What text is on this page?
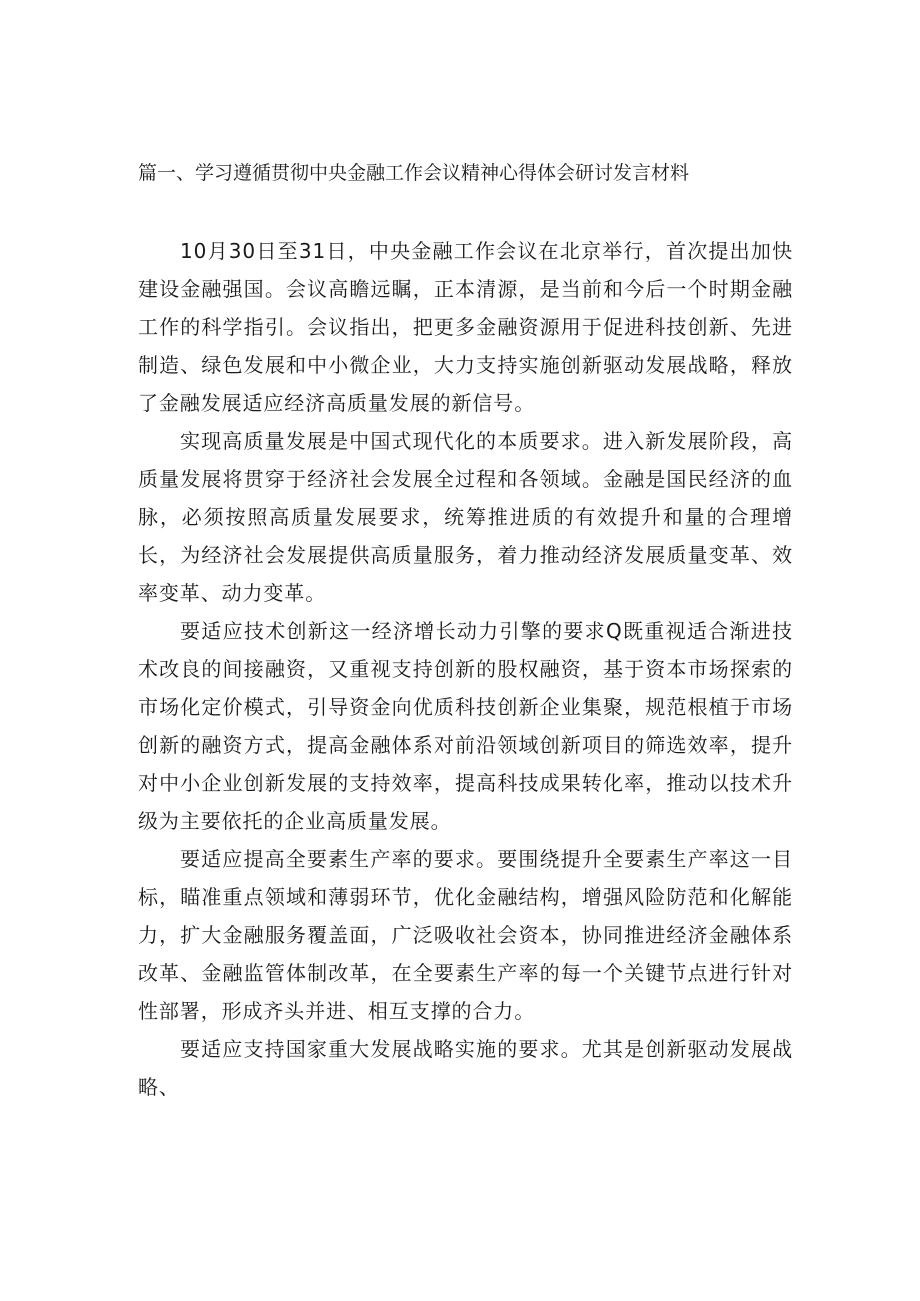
篇一、学习遵循贯彻中央金融工作会议精神心得体会研讨发言材料

10月30日至31日，中央金融工作会议在北京举行，首次提出加快建设金融强国。会议高瞻远瞩，正本清源，是当前和今后一个时期金融工作的科学指引。会议指出，把更多金融资源用于促进科技创新、先进制造、绿色发展和中小微企业，大力支持实施创新驱动发展战略，释放了金融发展适应经济高质量发展的新信号。

实现高质量发展是中国式现代化的本质要求。进入新发展阶段，高质量发展将贯穿于经济社会发展全过程和各领域。金融是国民经济的血脉，必须按照高质量发展要求，统筹推进质的有效提升和量的合理增长，为经济社会发展提供高质量服务，着力推动经济发展质量变革、效率变革、动力变革。

要适应技术创新这一经济增长动力引擎的要求Q既重视适合渐进技术改良的间接融资，又重视支持创新的股权融资，基于资本市场探索的市场化定价模式，引导资金向优质科技创新企业集聚，规范根植于市场创新的融资方式，提高金融体系对前沿领域创新项目的筛选效率，提升对中小企业创新发展的支持效率，提高科技成果转化率，推动以技术升级为主要依托的企业高质量发展。

要适应提高全要素生产率的要求。要围绕提升全要素生产率这一目标，瞄准重点领域和薄弱环节，优化金融结构，增强风险防范和化解能力，扩大金融服务覆盖面，广泛吸收社会资本，协同推进经济金融体系改革、金融监管体制改革，在全要素生产率的每一个关键节点进行针对性部署，形成齐头并进、相互支撑的合力。

要适应支持国家重大发展战略实施的要求。尤其是创新驱动发展战略、
